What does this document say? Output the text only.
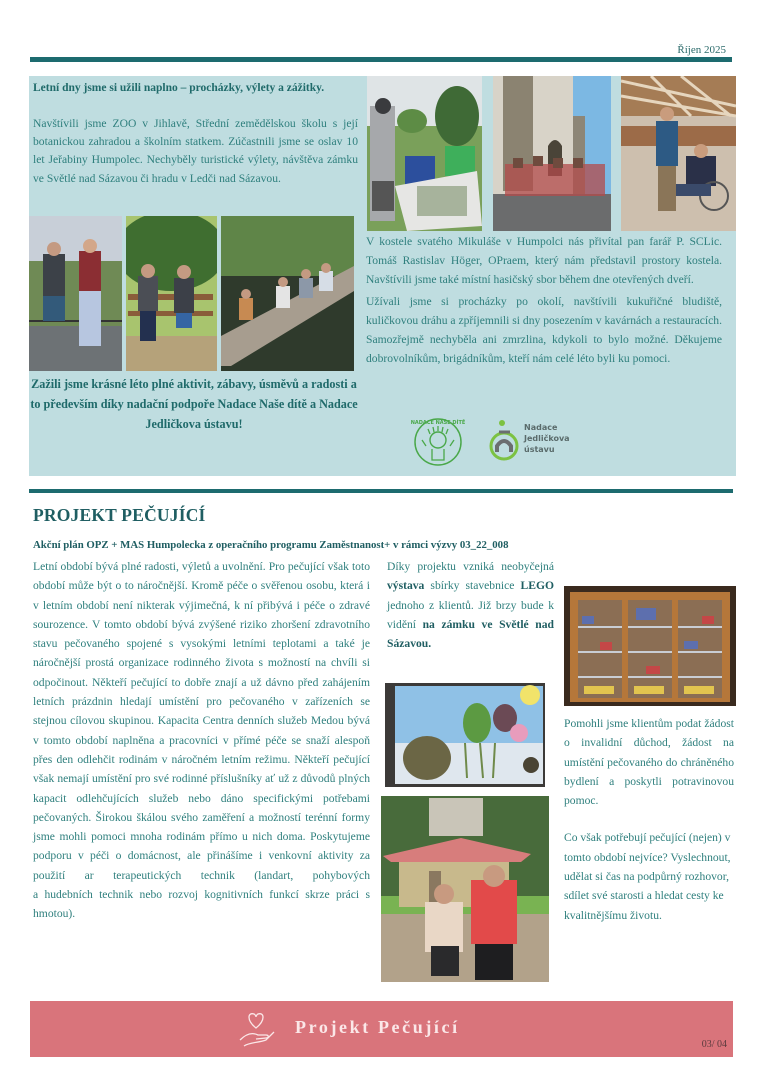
Říjen 2025
Letní dny jsme si užili naplno – procházky, výlety a zážitky.
Navštívili jsme ZOO v Jihlavě, Střední zemědělskou školu s její botanickou zahradou a školním statkem. Zúčastnili jsme se oslav 10 let Jeřabiny Humpolec. Nechyběly turistické výlety, návštěva zámku ve Světlé nad Sázavou či hradu v Ledči nad Sázavou.
Zažili jsme krásné léto plné aktivit, zábavy, úsměvů a radosti a to především díky nadační podpoře Nadace Naše dítě a Nadace Jedličkova ústavu!

V kostele svatého Mikuláše v Humpolci nás přivítal pan farář P. SCLic. Tomáš Rastislav Höger, OPraem, který nám představil prostory kostela. Navštívili jsme také místní hasičský sbor během dne otevřených dveří.

Užívali jsme si procházky po okolí, navštívili kukuřičné bludiště, kuličkovou dráhu a zpříjemnili si dny posezením v kavárnách a restauracích. Samozřejmě nechyběla ani zmrzlina, kdykoli to bylo možné. Děkujeme dobrovolníkům, brigádníkům, kteří nám celé léto byli ku pomoci.

NADACE NAŠE DÍTĚ	Nadace
Jedličkova
ústavu
PROJEKT PEČUJÍCÍ
Akční plán OPZ + MAS Humpolecka z operačního programu Zaměstnanost+ v rámci výzvy 03_22_008

Letní období bývá plné radosti, výletů a uvolnění. Pro pečující však toto období může být o to náročnější. Kromě péče o svěřenou osobu, která i v letním období není nikterak výjimečná, k ní přibývá i péče o zdravé sourozence. V tomto období bývá zvýšené riziko zhoršení zdravotního stavu pečovaného spojené s vysokými letními teplotami a také je náročnější prostá organizace rodinného života s možností na chvíli si odpočinout. Někteří pečující to dobře znají a už dávno před zahájením letních prázdnin hledají umístění pro pečovaného v zařízeních se stejnou cílovou skupinou. Kapacita Centra denních služeb Medou bývá v tomto období naplněna a pracovníci v přímé péče se snaží alespoň přes den odlehčit rodinám v náročném letním režimu. Někteří pečující však nemají umístění pro své rodinné příslušníky ať už z důvodů plných kapacit odlehčujících služeb nebo dáno specifickými potřebami pečovaných. Širokou škálou svého zaměření a možností terénní formy jsme mohli pomoci mnoha rodinám přímo u nich doma. Poskytujeme podporu v péči o domácnost, ale přinášíme i venkovní aktivity za použití ar terapeutických technik (landart, pohybových

a hudebních technik nebo rozvoj kognitivních funkcí skrze práci s hmotou).

Díky projektu vzniká neobyčejná výstava sbírky stavebnice LEGO jednoho z klientů. Již brzy bude k vidění na zámku ve Světlé nad Sázavou.

Pomohli jsme klientům podat žádost o invalidní důchod, žádost na umístění pečovaného do chráněného bydlení a poskytli potravinovou pomoc.

Co však potřebují pečující (nejen) v tomto období nejvíce? Vyslechnout, udělat si čas na podpůrný rozhovor, sdílet své starosti a hledat cesty ke kvalitnějšímu životu.

Projekt Pečující
03/ 04
